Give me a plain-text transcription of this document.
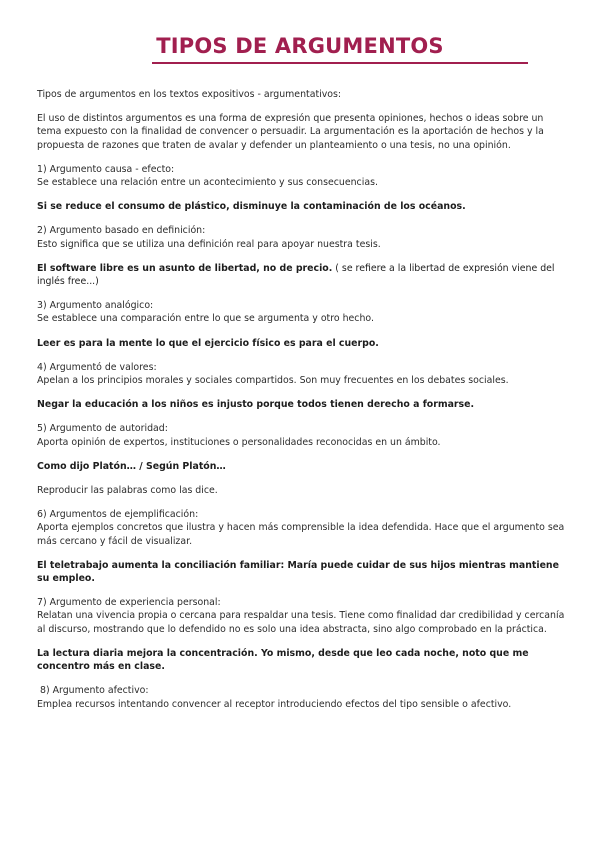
TIPOS DE ARGUMENTOS

Tipos de argumentos en los textos expositivos - argumentativos:

El uso de distintos argumentos es una forma de expresión que presenta opiniones, hechos o ideas sobre un tema expuesto con la finalidad de convencer o persuadir. La argumentación es la aportación de hechos y la propuesta de razones que traten de avalar y defender un planteamiento o una tesis, no una opinión.

1) Argumento causa - efecto:
Se establece una relación entre un acontecimiento y sus consecuencias.

Si se reduce el consumo de plástico, disminuye la contaminación de los océanos.

2) Argumento basado en definición:
Esto significa que se utiliza una definición real para apoyar nuestra tesis.

El software libre es un asunto de libertad, no de precio. ( se refiere a la libertad de expresión viene del inglés free...)

3) Argumento analógico:
Se establece una comparación entre lo que se argumenta y otro hecho.

Leer es para la mente lo que el ejercicio físico es para el cuerpo.

4) Argumentó de valores:
Apelan a los principios morales y sociales compartidos. Son muy frecuentes en los debates sociales.

Negar la educación a los niños es injusto porque todos tienen derecho a formarse.

5) Argumento de autoridad:
Aporta opinión de expertos, instituciones o personalidades reconocidas en un ámbito.

Como dijo Platón… / Según Platón…

Reproducir las palabras como las dice.

6) Argumentos de ejemplificación:
Aporta ejemplos concretos que ilustra y hacen más comprensible la idea defendida. Hace que el argumento sea más cercano y fácil de visualizar.

El teletrabajo aumenta la conciliación familiar: María puede cuidar de sus hijos mientras mantiene su empleo.

7) Argumento de experiencia personal:
Relatan una vivencia propia o cercana para respaldar una tesis. Tiene como finalidad dar credibilidad y cercanía al discurso, mostrando que lo defendido no es solo una idea abstracta, sino algo comprobado en la práctica.

La lectura diaria mejora la concentración. Yo mismo, desde que leo cada noche, noto que me concentro más en clase.

8) Argumento afectivo:
Emplea recursos intentando convencer al receptor introduciendo efectos del tipo sensible o afectivo.
